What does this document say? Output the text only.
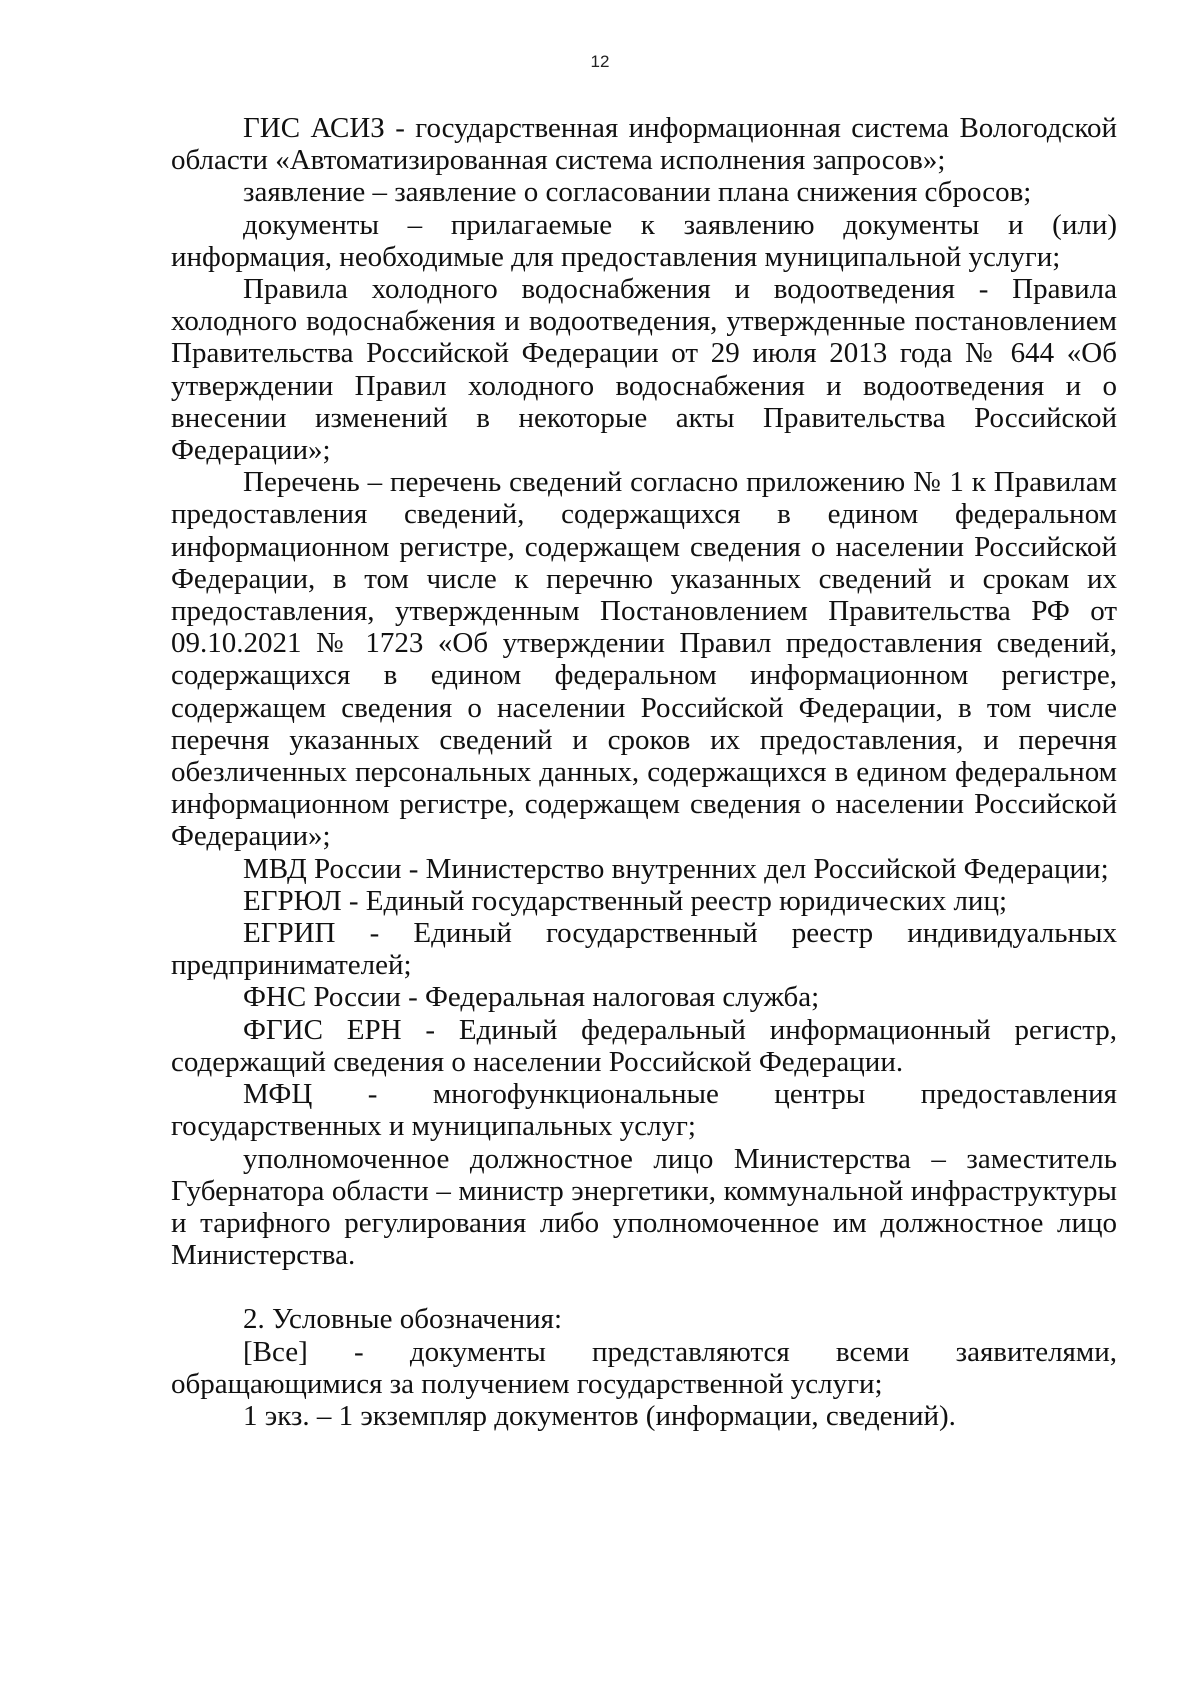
12

ГИС АСИЗ - государственная информационная система Вологодской области «Автоматизированная система исполнения запросов»;

заявление – заявление о согласовании плана снижения сбросов;

документы – прилагаемые к заявлению документы и (или) информация, необходимые для предоставления муниципальной услуги;

Правила холодного водоснабжения и водоотведения - Правила холодного водоснабжения и водоотведения, утвержденные постановлением Правительства Российской Федерации от 29 июля 2013 года № 644 «Об утверждении Правил холодного водоснабжения и водоотведения и о внесении изменений в некоторые акты Правительства Российской Федерации»;

Перечень – перечень сведений согласно приложению № 1 к Правилам предоставления сведений, содержащихся в едином федеральном информационном регистре, содержащем сведения о населении Российской Федерации, в том числе к перечню указанных сведений и срокам их предоставления, утвержденным Постановлением Правительства РФ от 09.10.2021 № 1723 «Об утверждении Правил предоставления сведений, содержащихся в едином федеральном информационном регистре, содержащем сведения о населении Российской Федерации, в том числе перечня указанных сведений и сроков их предоставления, и перечня обезличенных персональных данных, содержащихся в едином федеральном информационном регистре, содержащем сведения о населении Российской Федерации»;

МВД России - Министерство внутренних дел Российской Федерации;

ЕГРЮЛ - Единый государственный реестр юридических лиц;

ЕГРИП - Единый государственный реестр индивидуальных предпринимателей;

ФНС России - Федеральная налоговая служба;

ФГИС ЕРН - Единый федеральный информационный регистр, содержащий сведения о населении Российской Федерации.

МФЦ - многофункциональные центры предоставления государственных и муниципальных услуг;

уполномоченное должностное лицо Министерства – заместитель Губернатора области – министр энергетики, коммунальной инфраструктуры и тарифного регулирования либо уполномоченное им должностное лицо Министерства.

2. Условные обозначения:

[Все] - документы представляются всеми заявителями, обращающимися за получением государственной услуги;

1 экз. – 1 экземпляр документов (информации, сведений).
